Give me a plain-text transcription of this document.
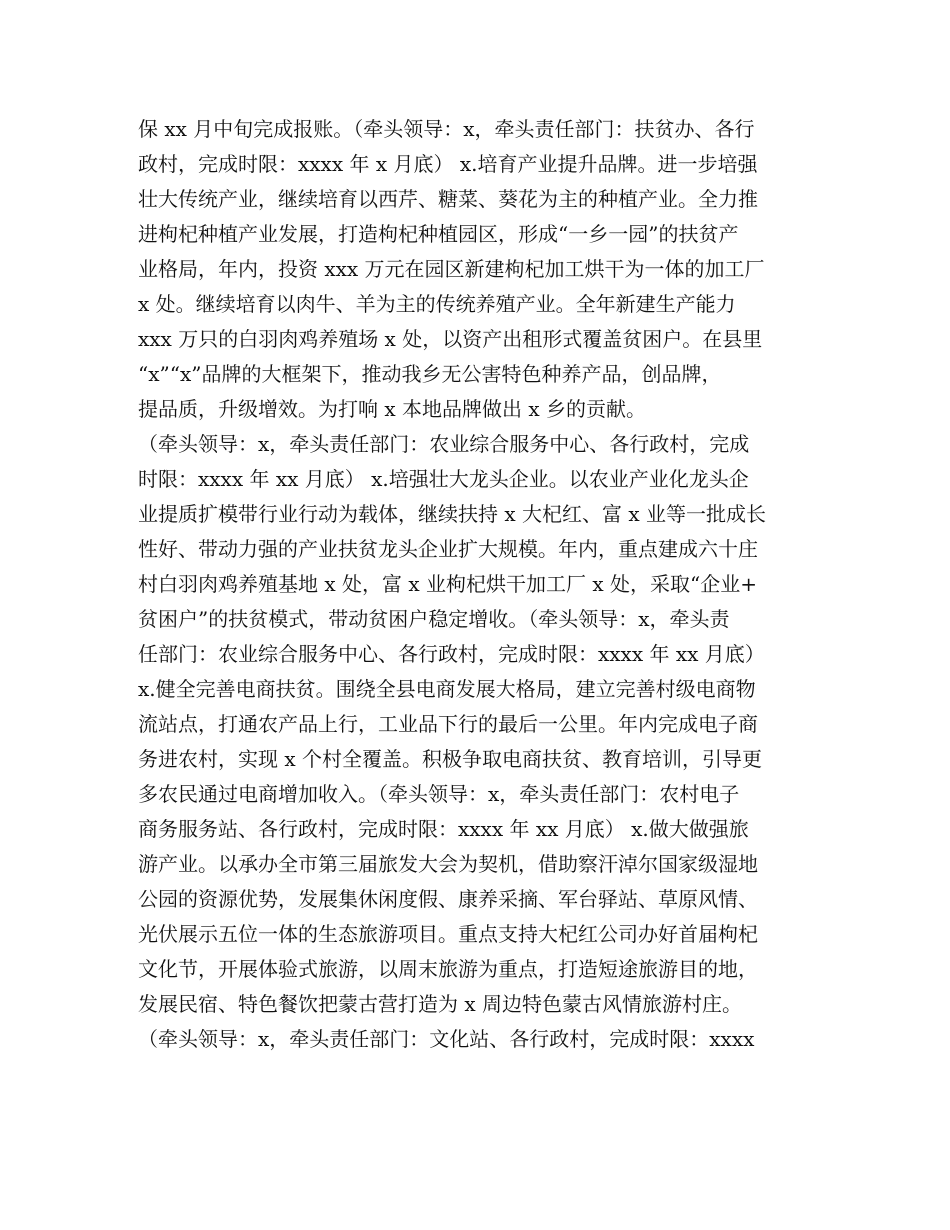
保 xx 月中旬完成报账。（牵头领导：x，牵头责任部门：扶贫办、各行
政村，完成时限：xxxx 年 x 月底） x.培育产业提升品牌。进一步培强
壮大传统产业，继续培育以西芹、糖菜、葵花为主的种植产业。全力推
进枸杞种植产业发展，打造枸杞种植园区，形成“一乡一园”的扶贫产
业格局，年内，投资 xxx 万元在园区新建枸杞加工烘干为一体的加工厂
x 处。继续培育以肉牛、羊为主的传统养殖产业。全年新建生产能力
xxx 万只的白羽肉鸡养殖场 x 处，以资产出租形式覆盖贫困户。在县里
“x”“x”品牌的大框架下，推动我乡无公害特色种养产品，创品牌，
提品质，升级增效。为打响 x 本地品牌做出 x 乡的贡献。
（牵头领导：x，牵头责任部门：农业综合服务中心、各行政村，完成
时限：xxxx 年 xx 月底） x.培强壮大龙头企业。以农业产业化龙头企
业提质扩模带行业行动为载体，继续扶持 x 大杞红、富 x 业等一批成长
性好、带动力强的产业扶贫龙头企业扩大规模。年内，重点建成六十庄
村白羽肉鸡养殖基地 x 处，富 x 业枸杞烘干加工厂 x 处，采取“企业+
贫困户”的扶贫模式，带动贫困户稳定增收。（牵头领导：x，牵头责
任部门：农业综合服务中心、各行政村，完成时限：xxxx 年 xx 月底）
x.健全完善电商扶贫。围绕全县电商发展大格局，建立完善村级电商物
流站点，打通农产品上行，工业品下行的最后一公里。年内完成电子商
务进农村，实现 x 个村全覆盖。积极争取电商扶贫、教育培训，引导更
多农民通过电商增加收入。（牵头领导：x，牵头责任部门：农村电子
商务服务站、各行政村，完成时限：xxxx 年 xx 月底） x.做大做强旅
游产业。以承办全市第三届旅发大会为契机，借助察汗淖尔国家级湿地
公园的资源优势，发展集休闲度假、康养采摘、军台驿站、草原风情、
光伏展示五位一体的生态旅游项目。重点支持大杞红公司办好首届枸杞
文化节，开展体验式旅游，以周末旅游为重点，打造短途旅游目的地，
发展民宿、特色餐饮把蒙古营打造为 x 周边特色蒙古风情旅游村庄。
（牵头领导：x，牵头责任部门：文化站、各行政村，完成时限：xxxx
